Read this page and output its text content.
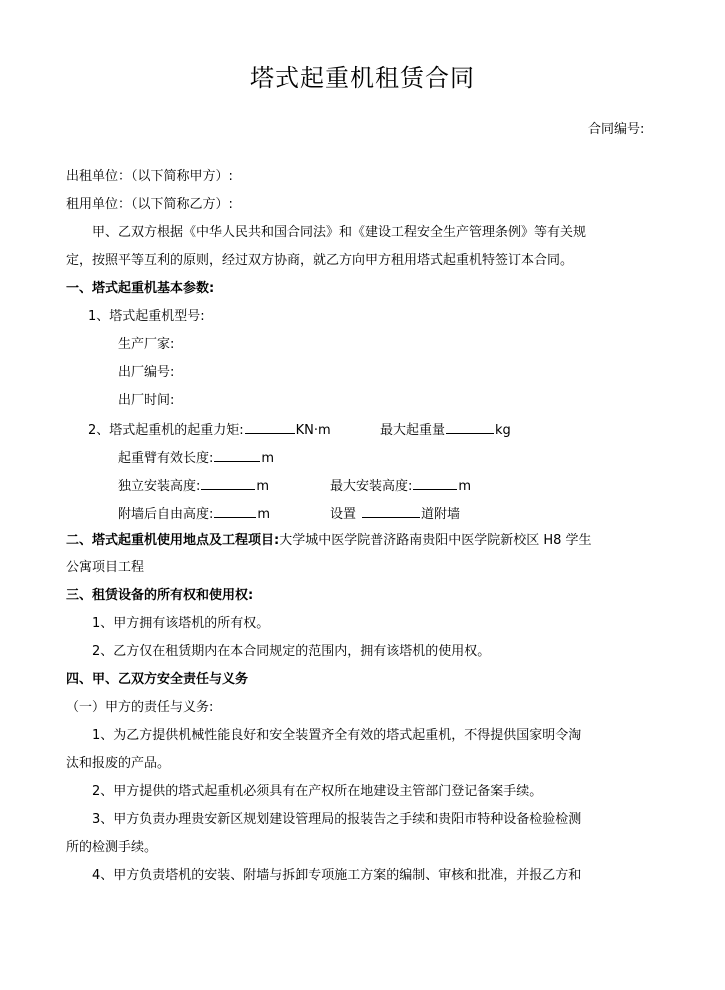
塔式起重机租赁合同
合同编号:
出租单位：（以下简称甲方）:
租用单位：（以下简称乙方）:
甲、乙双方根据《中华人民共和国合同法》和《建设工程安全生产管理条例》等有关规
定，按照平等互利的原则，经过双方协商，就乙方向甲方租用塔式起重机特签订本合同。
一、塔式起重机基本参数:
1、塔式起重机型号:
生产厂家:
出厂编号:
出厂时间:
2、塔式起重机的起重力矩:	KN·m	最大起重量	kg
起重臂有效长度:	m
独立安装高度:	m	最大安装高度:	m
附墙后自由高度:	m	设置	道附墙
二、塔式起重机使用地点及工程项目:大学城中医学院普济路南贵阳中医学院新校区 H8 学生
公寓项目工程
三、租赁设备的所有权和使用权:
1、甲方拥有该塔机的所有权。
2、乙方仅在租赁期内在本合同规定的范围内，拥有该塔机的使用权。
四、甲、乙双方安全责任与义务
（一）甲方的责任与义务:
1、为乙方提供机械性能良好和安全装置齐全有效的塔式起重机，不得提供国家明令淘
汰和报废的产品。
2、甲方提供的塔式起重机必须具有在产权所在地建设主管部门登记备案手续。
3、甲方负责办理贵安新区规划建设管理局的报装告之手续和贵阳市特种设备检验检测
所的检测手续。
4、甲方负责塔机的安装、附墙与拆卸专项施工方案的编制、审核和批准，并报乙方和
